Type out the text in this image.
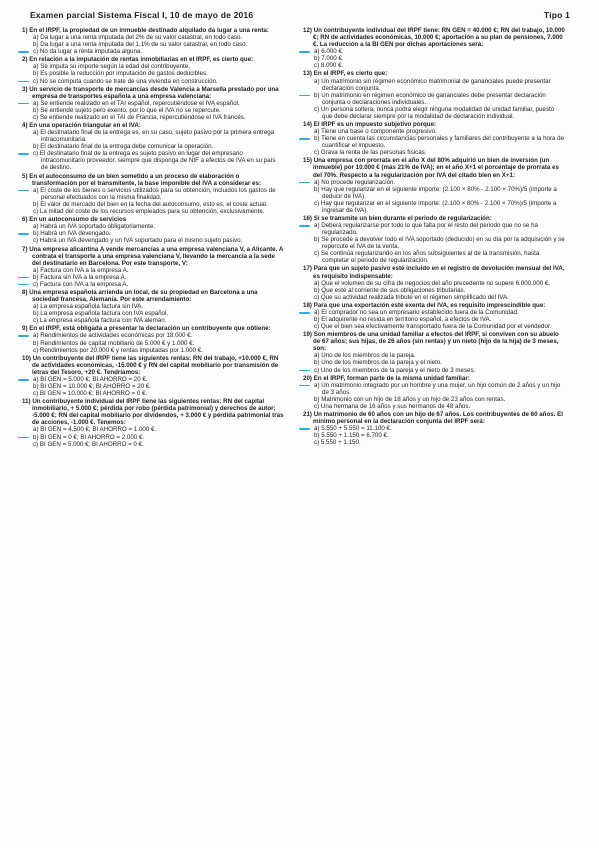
Examen parcial Sistema Fiscal I, 10 de mayo de 2016	Tipo 1
1) En el IRPF, la propiedad de un inmueble destinado alquilado da lugar a una renta:
a) Da lugar a una renta imputada del 2% de su valor catastral, en todo caso.
b) Da lugar a una renta imputada del 1,1% de su valor catastral, en todo caso.
c) No da lugar a renta imputada alguna.
2) En relación a la imputación de rentas inmobiliarias en el IRPF, es cierto que:
a) Se imputa su importe según la edad del contribuyente.
b) Es posible la reducción por imputación de gastos deducibles.
c) No se computa cuando se trate de una vivienda en construcción.
3) Un servicio de transporte de mercancías desde Valencia a Marsella prestado por una empresa de transportes española a una empresa valenciana:
a) Se entiende realizado en el TAI español, repercutiéndose el IVA español.
b) Se entiende sujeto pero exento, por lo que el IVA no se repercute.
c) Se entiende realizado en el TAI de Francia, repercutiéndose el IVA francés.
4) En una operación triangular en el IVA:
a) El destinatario final de la entrega es, en su caso, sujeto pasivo por la primera entrega intracomunitaria.
b) El destinatario final de la entrega debe comunicar la operación.
c) El destinatario final de la entrega es sujeto pasivo en lugar del empresario intracomunitario proveedor, siempre que disponga de NIF a efectos de IVA en su país de destino.
5) En el autoconsumo de un bien sometido a un proceso de elaboración o transformación por el transmitente, la base imponible del IVA a considerar es:
a) El coste de los bienes o servicios utilizados para su obtención, incluidos los gastos de personal efectuados con la misma finalidad.
b) El valor de mercado del bien en la fecha del autoconsumo, esto es, el coste actual.
c) La mitad del coste de los recursos empleados para su obtención, exclusivamente.
6) En un autoconsumo de servicios
a) Habrá un IVA soportado obligatoriamente.
b) Habrá un IVA devengado.
c) Habrá un IVA devengado y un IVA soportado para el mismo sujeto pasivo.
7) Una empresa alicantina A vende mercancías a una empresa valenciana V, a Alicante. A contrata el transporte a una empresa valenciana V, llevando la mercancía a la sede del destinatario en Barcelona. Por este transporte, V:
a) Factura con IVA a la empresa A.
b) Factura sin IVA a la empresa A.
c) Factura con IVA a la empresa A.
8) Una empresa española arrienda un local, de su propiedad en Barcelona a una sociedad francesa, Alemania. Por este arrendamiento:
a) La empresa española factura sin IVA.
b) La empresa española factura con IVA español.
c) La empresa española factura con IVA alemán.
9) En el IRPF, está obligada a presentar la declaración un contribuyente que obtiene:
a) Rendimientos de actividades económicas por 18.000 €.
b) Rendimientos de capital mobiliario de 5.000 € y 1.000 €.
c) Rendimientos por 20.000 € y rentas imputadas por 1.000 €.
10) Un contribuyente del IRPF tiene las siguientes rentas: RN del trabajo, +10.000 €, RN de actividades económicas, -15.000 € y RN del capital mobiliario por transmisión de letras del Tesoro, +20 €. Tendríamos:
a) BI GEN = 5.000 €; BI AHORRO = 20 €.
b) BI GEN = 10.000 €; BI AHORRO = 20 €.
c) BI GEN = 10.000 €; BI AHORRO = 0 €.
11) Un contribuyente individual del IRPF tiene las siguientes rentas: RN del capital inmobiliario, + 5.000 €; pérdida por robo (pérdida patrimonial) y derechos de autor; -5.000 €; RN del capital mobiliario por dividendos, + 3.000 € y pérdida patrimonial tras de acciones, -1.000 €. Tenemos:
a) BI GEN = 4.500 €; BI AHORRO = 1.000 €.
b) BI GEN = 0 €; BI AHORRO = 2.000 €.
c) BI GEN = 5.000 €; BI AHORRO = 0 €.
12) Un contribuyente individual del IRPF tiene: RN GEN = 40.000 €; RN del trabajo, 10.000 €; RN de actividades económicas, 10.000 €; aportación a su plan de pensiones, 7.000 €. La reducción a la BI GEN por dichas aportaciones será:
a) 6.000 €.
b) 7.000 €.
c) 8.000 €.
13) En el IRPF, es cierto que:
a) Un matrimonio sin régimen económico matrimonial de gananciales puede presentar declaración conjunta.
b) Un matrimonio en régimen económico de gananciales debe presentar declaración conjunta o declaraciones individuales.
c) Un persona soltera, nunca podrá elegir ninguna modalidad de unidad familiar, puesto que debe declarar siempre por la modalidad de declaración individual.
14) El IRPF es un impuesto subjetivo porque:
a) Tiene una base o componente progresivo.
b) Tiene en cuenta las circunstancias personales y familiares del contribuyente a la hora de cuantificar el impuesto.
c) Grava la renta de las personas físicas.
15) Una empresa con prorrata en el año X del 80% adquirió un bien de inversión (un inmueble) por 10.000 € (más 21% de IVA); en el año X+1 el porcentaje de prorrata es del 70%. Respecto a la regularización por IVA del citado bien en X+1:
a) No procede regularización.
b) Hay que regularizar en el siguiente importe: (2.100 × 80% - 2.100 × 70%)/5 (importe a deducir de IVA).
c) Hay que regularizar en el siguiente importe: (2.100 × 80% - 2.100 × 70%)/5 (importe a ingresar de IVA).
16) Si se transmite un bien durante el periodo de regularización:
a) Deberá regularizarse por todo lo que falta por el resto del periodo que no se ha regularizado.
b) Se procede a devolver todo el IVA soportado (deducido) en su día por la adquisición y se repercute el IVA de la venta.
c) Se continúa regularizando en los años subsiguientes al de la transmisión, hasta completar el periodo de regularización.
17) Para que un sujeto pasivo esté incluido en el registro de devolución mensual del IVA, es requisito indispensable:
a) Que el volumen de su cifra de negocios del año precedente no supere 6.000.000 €.
b) Que esté al corriente de sus obligaciones tributarias.
c) Que su actividad realizada tribute en el régimen simplificado del IVA.
18) Para que una exportación esté exenta del IVA, es requisito imprescindible que:
a) El comprador no sea un empresario establecido fuera de la Comunidad.
b) El adquirente no resida en territorio español, a efectos de IVA.
c) Que el bien sea efectivamente transportado fuera de la Comunidad por el vendedor.
19) Son miembros de una unidad familiar a efectos del IRPF, si conviven con su abuelo de 67 años; sus hijas, de 26 años (sin rentas) y un nieto (hijo de la hija) de 3 meses, son:
a) Uno de los miembros de la pareja.
b) Uno de los miembros de la pareja y el nieto.
c) Uno de los miembros de la pareja y el nieto de 3 meses.
20) En el IRPF, forman parte de la misma unidad familiar:
a) Un matrimonio integrado por un hombre y una mujer, un hijo común de 2 años y un hijo de 3 años.
b) Matrimonio con un hijo de 18 años y un hijo de 23 años con rentas.
c) Una hermana de 16 años y sus hermanos de 48 años.
21) Un matrimonio de 60 años con un hijo de 67 años. Los contribuyentes de 60 años. El mínimo personal en la declaración conjunta del IRPF será:
a) 5.550 + 5.550 = 11.100 €.
b) 5.550 + 1.150 = 6.700 €.
c) 5.550 + 1.150.
